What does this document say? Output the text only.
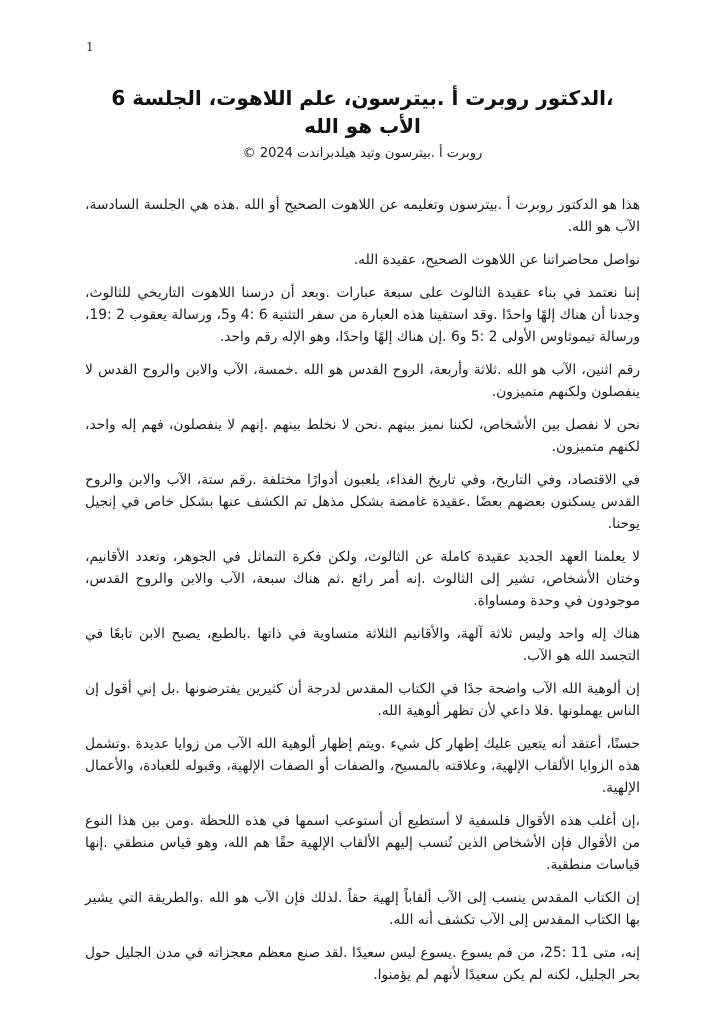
1
،الدكتور روبرت أ .بيترسون، علم اللاهوت، الجلسة 6
الأب هو الله
روبرت أ .بيترسون وتيد هيلدبراندت 2024 ©

هذا هو الدكتور روبرت أ .بيترسون وتعليمه عن اللاهوت الصحيح أو الله .هذه هي الجلسة السادسة، الآب هو الله.

نواصل محاضراتنا عن اللاهوت الصحيح، عقيدة الله.

إننا نعتمد في بناء عقيدة الثالوث على سبعة عبارات .وبعد أن درسنا اللاهوت التاريخي للثالوث، وجدنا أن هناك إلهًا واحدًا .وقد استقينا هذه العبارة من سفر التثنية 6 :4 و5، ورسالة يعقوب 2 :19، ورسالة تيموثاوس الأولى 2 :5 و6 .إن هناك إلهًا واحدًا، وهو الإله رقم واحد.

رقم اثنين، الآب هو الله .ثلاثة وأربعة، الروح القدس هو الله .خمسة، الآب والابن والروح القدس لا ينفصلون ولكنهم متميزون.

نحن لا نفصل بين الأشخاص، لكننا نميز بينهم .نحن لا نخلط بينهم .إنهم لا ينفصلون، فهم إله واحد، لكنهم متميزون.

في الاقتصاد، وفي التاريخ، وفي تاريخ الفداء، يلعبون أدوارًا مختلفة .رقم ستة، الآب والابن والروح القدس يسكنون بعضهم بعضًا .عقيدة غامضة بشكل مذهل تم الكشف عنها بشكل خاص في إنجيل يوحنا.

لا يعلمنا العهد الجديد عقيدة كاملة عن الثالوث، ولكن فكرة التماثل في الجوهر، وتعدد الأقانيم، وختان الأشخاص، تشير إلى الثالوث .إنه أمر رائع .ثم هناك سبعة، الآب والابن والروح القدس، موجودون في وحدة ومساواة.

هناك إله واحد وليس ثلاثة آلهة، والأقانيم الثلاثة متساوية في ذاتها .بالطبع، يصبح الابن تابعًا في التجسد الله هو الآب.

إن ألوهية الله الآب واضحة جدًا في الكتاب المقدس لدرجة أن كثيرين يفترضونها .بل إني أقول إن الناس يهملونها .فلا داعي لأن تظهر ألوهية الله.

حسنًا، أعتقد أنه يتعين عليك إظهار كل شيء .ويتم إظهار ألوهية الله الآب من زوايا عديدة .وتشمل هذه الزوايا الألقاب الإلهية، وعلاقته بالمسيح، والصفات أو الصفات الإلهية، وقبوله للعبادة، والأعمال الإلهية.

،إن أغلب هذه الأقوال فلسفية لا أستطيع أن أستوعب اسمها في هذه اللحظة .ومن بين هذا النوع من الأقوال فإن الأشخاص الذين تُنسب إليهم الألقاب الإلهية حقًا هم الله، وهو قياس منطقي .إنها قياسات منطقية.

إن الكتاب المقدس ينسب إلى الآب ألقاباً إلهية حقاً .لذلك فإن الآب هو الله .والطريقة التي يشير بها الكتاب المقدس إلى الآب تكشف أنه الله.

إنه، متى 11 :25، من فم يسوع .يسوع ليس سعيدًا .لقد صنع معظم معجزاته في مدن الجليل حول بحر الجليل، لكنه لم يكن سعيدًا لأنهم لم يؤمنوا.
